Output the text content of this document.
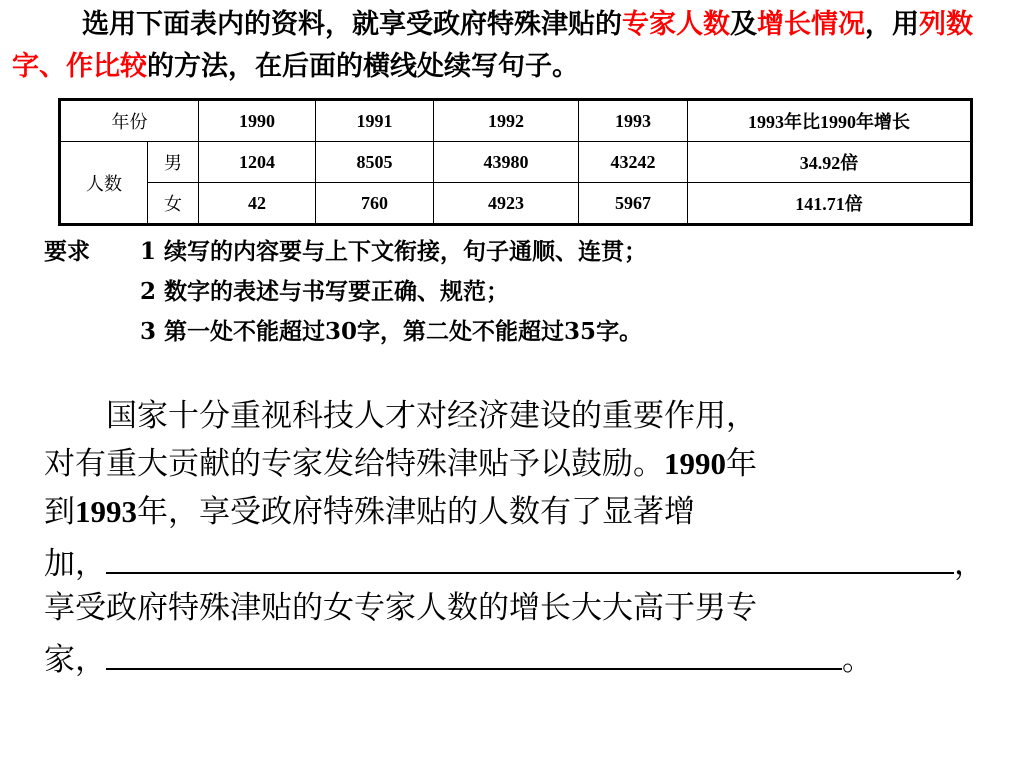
选用下面表内的资料，就享受政府特殊津贴的专家人数及增长情况，用列数字、作比较的方法，在后面的横线处续写句子。
年份		1990	1991	1992	1993	1993年比1990年增长
人数	男	1204	8505	43980	43242	34.92倍
	女	42	760	4923	5967	141.71倍
要求 1 续写的内容要与上下文衔接，句子通顺、连贯；
2 数字的表述与书写要正确、规范；
3 第一处不能超过30字，第二处不能超过35字。
　　国家十分重视科技人才对经济建设的重要作用，
对有重大贡献的专家发给特殊津贴予以鼓励。1990年
到1993年，享受政府特殊津贴的人数有了显著增
加，	，
享受政府特殊津贴的女专家人数的增长大大高于男专
家，	。
